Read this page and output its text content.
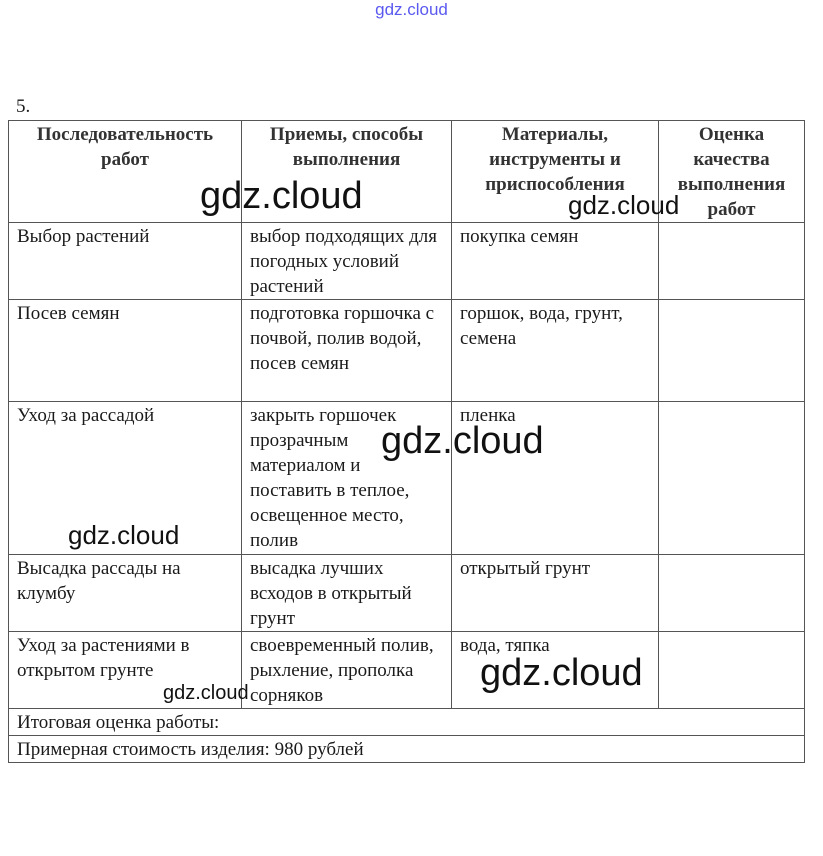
gdz.cloud
5.
Последовательность работ	Приемы, способы выполнения	Материалы, инструменты и приспособления	Оценка качества выполнения работ
Выбор растений	выбор подходящих для погодных условий растений	покупка семян	
Посев семян	подготовка горшочка с почвой, полив водой, посев семян	горшок, вода, грунт, семена	
Уход за рассадой	закрыть горшочек прозрачным материалом и поставить в теплое, освещенное место, полив	пленка	
Высадка рассады на клумбу	высадка лучших всходов в открытый грунт	открытый грунт	
Уход за растениями в открытом грунте	своевременный полив, рыхление, прополка сорняков	вода, тяпка	
Итоговая оценка работы:			
Примерная стоимость изделия: 980 рублей			
gdz.cloud	gdz.cloud
gdz.cloud
gdz.cloud
gdz.cloud
gdz.cloud
